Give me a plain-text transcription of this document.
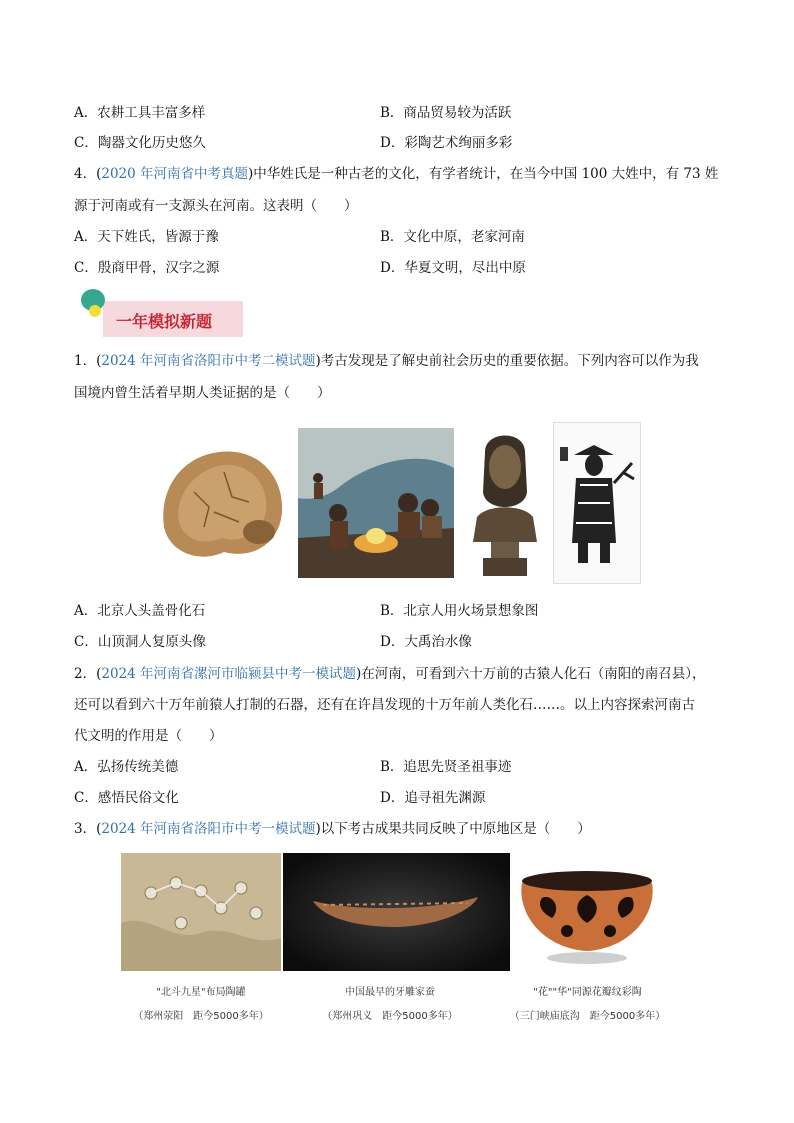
A．农耕工具丰富多样	B．商品贸易较为活跃
C．陶器文化历史悠久	D．彩陶艺术绚丽多彩
4．(2020 年河南省中考真题)中华姓氏是一种古老的文化，有学者统计，在当今中国 100 大姓中，有 73 姓
源于河南或有一支源头在河南。这表明（　　）
A．天下姓氏，皆源于豫	B．文化中原，老家河南
C．殷商甲骨，汉字之源	D．华夏文明，尽出中原
一年模拟新题
1．(2024 年河南省洛阳市中考二模试题)考古发现是了解史前社会历史的重要依据。下列内容可以作为我
国境内曾生活着早期人类证据的是（　　）
A．北京人头盖骨化石	B．北京人用火场景想象图
C．山顶洞人复原头像	D．大禹治水像
2．(2024 年河南省漯河市临颍县中考一模试题)在河南，可看到六十万前的古猿人化石（南阳的南召县），
还可以看到六十万年前猿人打制的石器，还有在许昌发现的十万年前人类化石……。以上内容探索河南古
代文明的作用是（　　）
A．弘扬传统美德	B．追思先贤圣祖事迹
C．感悟民俗文化	D．追寻祖先渊源
3．(2024 年河南省洛阳市中考一模试题)以下考古成果共同反映了中原地区是（　　）
"北斗九星"布局陶罐
（郑州荥阳　距今5000多年）
中国最早的牙雕家蚕
（郑州巩义　距今5000多年）
"花""华"同源花瓣纹彩陶
（三门峡庙底沟　距今5000多年）
